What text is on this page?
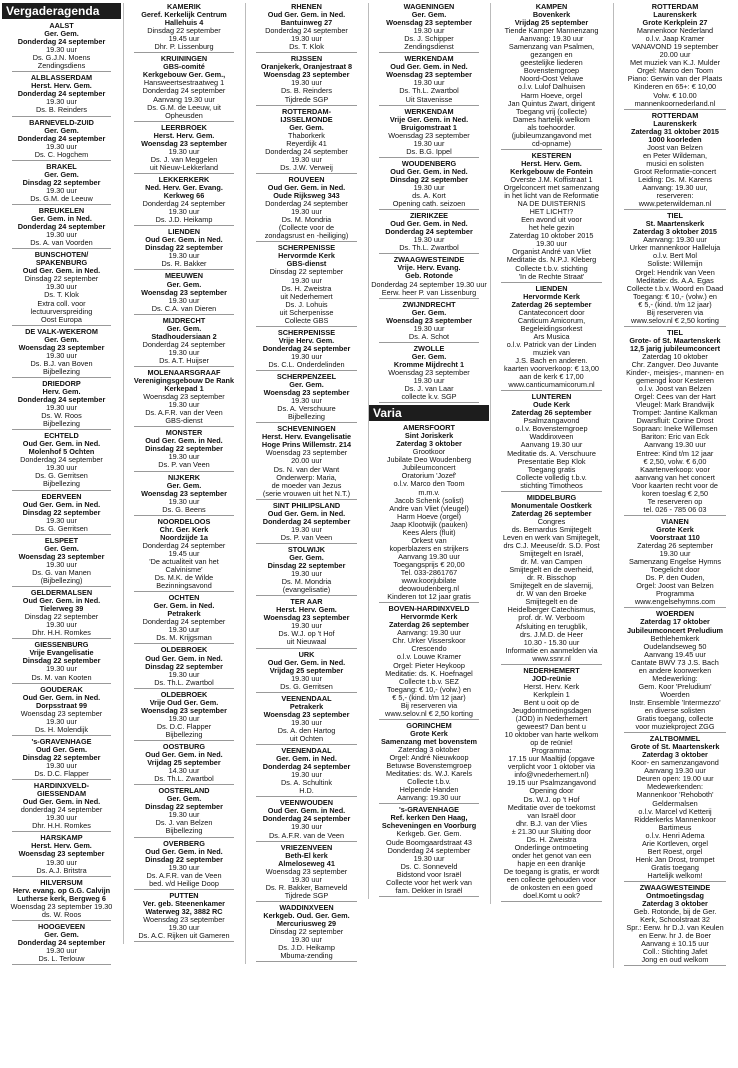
Vergaderagenda
AALST
Ger. Gem.
Donderdag 24 september
19.30 uur
Ds. G.J.N. Moens
Zendingsdiens
ALBLASSERDAM
Herst. Herv. Gem.
Donderdag 24 september
19.30 uur
Ds. B. Reinders
BARNEVELD-ZUID
Ger. Gem.
Donderdag 24 september
19.30 uur
Ds. C. Hogchem
BRAKEL
Ger. Gem.
Dinsdag 22 september
19.30 uur
Ds. G.M. de Leeuw
BREUKELEN
Ger. Gem. in Ned.
Donderdag 24 september
19.30 uur
Ds. A. van Voorden
BUNSCHOTEN/
SPAKENBURG
Oud Ger. Gem. in Ned.
Dinsdag 22 september
19.30 uur
Ds. T. Klok
Extra coll. voor
lectuurverspreiding
Oost Europa
DE VALK-WEKEROM
Ger. Gem.
Woensdag 23 september
19.30 uur
Ds. B.J. van Boven
Bijbellezing
DRIEDORP
Herv. Gem.
Donderdag 24 september
19.30 uur
Ds. W. Roos
Bijbellezing
ECHTELD
Oud Ger. Gem. in Ned.
Molenhof 5 Ochten
Donderdag 24 september
19.30 uur
Ds. G. Gerritsen
Bijbellezing
EDERVEEN
Oud Ger. Gem. in Ned.
Dinsdag 22 september
19.30 uur
Ds. G. Gerritsen
ELSPEET
Ger. Gem.
Woensdag 23 september
19.30 uur
Ds. G. van Manen
(Bijbellezing)
GELDERMALSEN
Oud Ger. Gem. in Ned.
Tielerweg 39
Dinsdag 22 september
19.30 uur
Dhr. H.H. Romkes
GIESSENBURG
Vrije Evangelisatie
Dinsdag 22 september
19.30 uur
Ds. M. van Kooten
GOUDERAK
Oud Ger. Gem. in Ned.
Dorpsstraat 99
Woensdag 23 september
19.30 uur
Ds. H. Molendijk
's-GRAVENHAGE
Oud Ger. Gem.
Dinsdag 22 september
19.30 uur
Ds. D.C. Flapper
HARDINXVELD-
GIESSENDAM
Oud Ger. Gem. in Ned.
donderdag 24 september
19.30 uur
Dhr. H.H. Romkes
HARSKAMP
Herst. Herv. Gem.
Woensdag 23 september
19.30 uur
Ds. A.J. Britstra
HILVERSUM
Herv. evang. op G.G. Calvijn
Lutherse kerk, Bergweg 6
Woensdag 23 september 19.30
ds. W. Roos
HOOGEVEEN
Ger. Gem.
Donderdag 24 september
19.30 uur
Ds. L. Terlouw
KAMERIK
Geref. Kerkelijk Centrum
Hallehuis 4
Dinsdag 22 september
19.45 uur
Dhr. P. Lissenburg
KRUININGEN
GBS-comité
Kerkgebouw Ger. Gem.,
Hansweertsestraatweg 1
Donderdag 24 september
Aanvang 19.30 uur
Ds. G.M. de Leeuw, uit
Opheusden
LEERBROEK
Herst. Herv. Gem.
Woensdag 23 september
19.30 uur
Ds. J. van Meggelen
uit Nieuw-Lekkerland
LEKKERKERK
Ned. Herv. Ger. Evang.
Kerkweg 66
Donderdag 24 september
19.30 uur
Ds. J.D. Heikamp
LIENDEN
Oud Ger. Gem. in Ned.
Dinsdag 22 september
19.30 uur
Ds. R. Bakker
MEEUWEN
Ger. Gem.
Woensdag 23 september
19.30 uur
Ds. C.A. van Dieren
MIJDRECHT
Ger. Gem.
Stadhoudersiaan 2
Donderdag 24 september
19.30 uur
Ds. A.T. Huijser
MOLENAARSGRAAF
Verenigingsgebouw De Rank
Kerkepad 1
Woensdag 23 september
19.30 uur
Ds. A.F.R. van der Veen
GBS-dienst
MONSTER
Oud Ger. Gem. in Ned.
Dinsdag 22 september
19.30 uur
Ds. P. van Veen
NIJKERK
Ger. Gem.
Woensdag 23 september
19.30 uur
Ds. G. Beens
NOORDELOOS
Chr. Ger. Kerk
Noordzijde 1a
Donderdag 24 september
19.45 uur
'De actualiteit van het
Calvinisme'
Ds. M.K. de Wilde
Bezinningsavond
OCHTEN
Ger. Gem. in Ned.
Petrakerk
Donderdag 24 september
19.30 uur
Ds. M. Krijgsman
OLDEBROEK
Oud Ger. Gem. in Ned.
Dinsdag 22 september
19.30 uur
Ds. Th.L. Zwartbol
OLDEBROEK
Vrije Oud Ger. Gem.
Woensdag 23 september
19.30 uur
Ds. D.C. Flapper
Bijbellezing
OOSTBURG
Oud Ger. Gem. in Ned.
Vrijdag 25 september
14.30 uur
Ds. Th.L. Zwartbol
OOSTERLAND
Ger. Gem.
Dinsdag 22 september
19.30 uur
Ds. J. van Belzen
Bijbellezing
OVERBERG
Oud Ger. Gem. in Ned.
Dinsdag 22 september
19.30 uur
Ds. A.F.R. van de Veen
bed. v/d Heilige Doop
PUTTEN
Ver. geb. Steenenkamer
Waterweg 32, 3882 RC
Woensdag 23 september
19.30 uur
Ds. A.C. Rijken uit Gameren
RHENEN
Oud Ger. Gem. in Ned.
Bantuinweg 27
Donderdag 24 september
19.30 uur
Ds. T. Klok
RIJSSEN
Oranjekerk, Oranjestraat 8
Woensdag 23 september
19.30 uur
Ds. B. Reinders
Tijdrede SGP
ROTTERDAM-
IJSSELMONDE
Ger. Gem.
Thaborkerk
Reyerdijk 41
Donderdag 24 september
19.30 uur
Ds. J.W. Verweij
ROUVEEN
Oud Ger. Gem. in Ned.
Oude Rijksweg 343
Donderdag 24 september
19.30 uur
Ds. M. Mondria
(Collecte voor de
zondagsrust en -heiliging)
SCHERPENISSE
Hervormde Kerk
GBS-dienst
Dinsdag 22 september
19.30 uur
Ds. H. Zweistra
uit Nederhemert
Ds. J. Lohuis
uit Scherpenisse
Collecte GBS
SCHERPENISSE
Vrije Herv. Gem.
Donderdag 24 september
19.30 uur
Ds. C.L. Onderdelinden
SCHERPENZEEL
Ger. Gem.
Woensdag 23 september
19.30 uur
Ds. A. Verschuure
Bijbellezing
SCHEVENINGEN
Herst. Herv. Evangelisatie
Hoge Prins Willemstr. 214
Woensdag 23 september
20.00 uur
Ds. N. van der Want
Onderwerp: Maria,
de moeder van Jezus
(serie vrouwen uit het N.T.)
SINT PHILIPSLAND
Oud Ger. Gem. in Ned.
Donderdag 24 september
19.30 uur
Ds. P. van Veen
STOLWIJK
Ger. Gem.
Dinsdag 22 september
19.30 uur
Ds. M. Mondria
(evangelisatie)
TER AAR
Herst. Herv. Gem.
Woensdag 23 september
19.30 uur
Ds. W.J. op 't Hof
uit Nieuwaal
URK
Oud Ger. Gem. in Ned.
Vrijdag 25 september
19.30 uur
Ds. G. Gerritsen
VEENENDAAL
Petrakerk
Woensdag 23 september
19.30 uur
Ds. A. den Hartog
uit Ochten
VEENENDAAL
Ger. Gem. in Ned.
Donderdag 24 september
19.30 uur
Ds. A. Schultink
H.D.
VEENWOUDEN
Oud Ger. Gem. in Ned.
Donderdag 24 september
19.30 uur
Ds. A.F.R. van de Veen
VRIEZENVEEN
Beth-El kerk
Almeloseweg 41
Woensdag 23 september
19.30 uur
Ds. R. Bakker, Barneveld
Tijdrede SGP
WADDINXVEEN
Kerkgeb. Oud. Ger. Gem.
Mercuriusweg 29
Dinsdag 22 september
19.30 uur
Ds. J.D. Heikamp
Mbuma-zending
WAGENINGEN
Ger. Gem.
Woensdag 23 september
19.30 uur
Ds. J. Schipper
Zendingsdienst
WERKENDAM
Oud Ger. Gem. in Ned.
Woensdag 23 september
19.30 uur
Ds. Th.L. Zwartbol
Uit Stavenisse
WERKENDAM
Vrije Ger. Gem. in Ned.
Bruigomstraat 1
Woensdag 23 september
19.30 uur
Ds. B.G. Ippel
WOUDENBERG
Oud Ger. Gem. in Ned.
Dinsdag 22 september
19.30 uur
ds. A. Kort
Opening cath. seizoen
ZIERIKZEE
Oud Ger. Gem. in Ned.
Donderdag 24 september
19.30 uur
Ds. Th.L. Zwartbol
ZWAAGWESTEINDE
Vrije. Herv. Evang.
Geb. Rotonde
Donderdag 24 september 19.30 uur
Eerw. heer P. van Lissenburg
ZWIJNDRECHT
Ger. Gem.
Woensdag 23 september
19.30 uur
Ds. A. Schot
ZWOLLE
Ger. Gem.
Kromme Mijdrecht 1
Woensdag 23 september
19.30 uur
Ds. J. van Laar
collecte k.v. SGP
Varia
AMERSFOORT
Sint Joriskerk
Zaterdag 3 oktober
Grootkoor
Jubilate Deo Woudenberg
Jubileumconcert
Oratorium 'Jozef'
o.l.v. Marco den Toom
m.m.v.
Jacob Schenk (solist)
Andre van Vliet (vleugel)
Harm Hoeve (orgel)
Jaap Klootwijk (pauken)
Kees Alers (fluit)
Orkest van
koperblazers en strijkers
Aanvang 19.30 uur
Toegangsprijs € 20,00
Tel. 033-2861767
www.koorjubilate
deowoudenberg.nl
Kinderen tot 12 jaar gratis
BOVEN-HARDINXVELD
Hervormde Kerk
Zaterdag 26 september
Aanvang: 19.30 uur
Chr. Urker Visserskoor
Crescendo
o.l.v. Louwe Kramer
Orgel: Pieter Heykoop
Meditatie: ds. K. Hoefnagel
Collecte t.b.v. SEZ
Toegang: € 10,- (volw.) en
€ 5,- (kind. t/m 12 jaar)
Bij reserveren via
www.selov.nl € 2,50 korting
GORINCHEM
Grote Kerk
Samenzang met bovenstem
Zaterdag 3 oktober
Orgel: André Nieuwkoop
Betuwse Bovenstemgroep
Meditaties: ds. W.J. Karels
Collecte t.b.v.
Helpende Handen
Aanvang: 19.30 uur
's-GRAVENHAGE
Ref. kerken Den Haag,
Scheveningen en Voorburg
Kerkgeb. Ger. Gem.
Oude Boomgaardstraat 43
Donderdag 24 september
19.30 uur
Ds. C. Sonneveld
Bidstond voor Israël
Collecte voor het werk van
fam. Dekker in Israël
KAMPEN
Bovenkerk
Vrijdag 25 september
Tiende Kamper Mannenzang
Aanvang: 19.30 uur
Samenzang van Psalmen,
gezangen en
geestelijke liederen
Bovenstemgroep
Noord-Oost Veluwe
o.l.v. Lulof Dalhuisen
Harm Hoeve, orgel
Jan Quintus Zwart, dirigent
Toegang vrij (collecte)
Dames hartelijk welkom
als toehoorder.
(jubileumzangavond met
cd-opname)
KESTEREN
Herst. Herv. Gem.
Kerkgebouw de Fontein
Overste J.M. Koffistraat 1
Orgelconcert met samenzang
in het licht van de Reformatie
NA DE DUISTERNIS
HET LICHT!?
Een avond uit voor
het hele gezin
Zaterdag 10 oktober 2015
19.30 uur
Organist André van Vliet
Meditatie ds. N.P.J. Kleberg
Collecte t.b.v. stichting
'In de Rechte Straat'
LIENDEN
Hervormde Kerk
Zaterdag 26 september
Cantateconcert door
Canticum Amicorum,
Begeleidingsorkest
Ars Musica
o.l.v. Patrick van der Linden
muziek van
J.S. Bach en anderen.
kaarten voorverkoop: € 13,00
aan de kerk € 17,00
www.canticumamicorum.nl
LUNTEREN
Oude Kerk
Zaterdag 26 september
Psalmzangavond
o.l.v. Bovenstemgroep
Waddinxveen
Aanvang 19.30 uur
Meditatie ds. A. Verschuure
Presentatie Bep Klok
Toegang gratis
Collecte volledig t.b.v.
stichting Timotheos
MIDDELBURG
Monumentale Oostkerk
Zaterdag 26 september
Congres
ds. Bernardus Smijtegelt
Leven en werk van Smijtegelt,
drs C.J. Meeuse/dr. S.D. Post
Smijtegelt en Israël,
dr. M. van Campen
Smijtegelt en de overheid,
dr. R. Bisschop
Smijtegelt en de slavernij,
dr. W van den Broeke
Smijtegelt en de
Heidelberger Catechismus,
prof. dr. W. Verboom
Afsluiting en terugblik,
drs. J.M.D. de Heer
10.30 - 15.30 uur
Informatie en aanmelden via
www.ssnr.nl
NEDERHEMERT
JOD-reünie
Herst. Herv. Kerk
Kerkplein 1
Bent u ooit op de
Jeugdontmoetingsdagen
(JOD) in Nederhemert
geweest? Dan bent u
10 oktober van harte welkom
op de reünie!
Programma:
17.15 uur Maaltijd (opgave
verplicht voor 1 oktober via
info@vnederhemert.nl)
19.15 uur Psalmzangavond
Opening door
Ds. W.J. op 't Hof
Meditatie over de toekomst
van Israël door
dhr. B.J. van der Vlies
± 21.30 uur Sluiting door
Ds. H. Zweistra
Onderlinge ontmoeting
onder het genot van een
hapje en een drankje
De toegang is gratis, er wordt
een collecte gehouden voor
de onkosten en een goed
doel.Komt u ook?
ROTTERDAM
Laurenskerk
Grote Kerkplein 27
Mannenkoor Nederland
o.l.v. Jaap Kramer
VANAVOND 19 september
20.00 uur
Met muziek van K.J. Mulder
Orgel: Marco den Toom
Piano: Gerwin van der Plaats
Kinderen en 65+: € 10,00
Volw. € 10.00
mannenkoornederland.nl
ROTTERDAM
Laurenskerk
Zaterdag 31 oktober 2015
1000 koorleden
Joost van Belzen
en Peter Wildeman,
musici en solisten
Groot Reformatie-concert
Leiding: Ds. M. Karens
Aanvang: 19.30 uur,
reserveren:
www.peterwildeman.nl
TIEL
St. Maartenskerk
Zaterdag 3 oktober 2015
Aanvang: 19.30 uur
Urker mannenkoor Halleluja
o.l.v. Bert Mol
Soliste: Willemijn
Orgel: Hendrik van Veen
Meditatie: ds. A.A. Egas
Collecte t.b.v. Woord en Daad
Toegang: € 10,- (volw.) en
€ 5,- (kind. t/m 12 jaar)
Bij reserveren via
www.selov.nl € 2,50 korting
TIEL
Grote- of St. Maartenskerk
12,5 jarig jubileumconcert
Zaterdag 10 oktober
Chr. Zangver. Deo Juvante
Kinder-, meisjes-, mannen- en
gemengd koor Kesteren
o.l.v. Joost van Belzen
Orgel: Cees van der Hart
Vleugel: Mark Brandwijk
Trompet: Jantine Kalkman
Dwarsfluit: Corine Drost
Sopraan: Ineke Willemsen
Bariton: Eric van Eck
Aanvang 19.30 uur
Entree: Kind t/m 12 jaar
€ 2,50, volw. € 6,00
Kaartenverkoop: voor
aanvang van het concert
Voor kaarten recht voor de
koren toeslag € 2,50
Te reserveren op
tel. 026 - 785 06 03
VIANEN
Grote Kerk
Voorstraat 110
Zaterdag 26 september
19.30 uur
Samenzang Engelse Hymns
Toegelicht door
Ds. P. den Ouden,
Orgel: Joost van Belzen
Programma
www.engelsehymns.com
WOERDEN
Zaterdag 17 oktober
Jubileumconcert Preludium
Bethlehemkerk
Oudelandseweg 50
Aanvang 19.45 uur
Cantate BWV 73 J.S. Bach
en andere koorwerken
Medewerking:
Gem. Koor 'Preludium'
Woerden
Instr. Ensemble 'Intermezzo'
en diverse solisten
Gratis toegang, collecte
voor muziekproject ZGG
ZALTBOMMEL
Grote of St. Maartenskerk
Zaterdag 3 oktober
Koor- en samenzangavond
Aanvang 19.30 uur
Deuren open: 19.00 uur
Medewerkenden:
Mannenkoor 'Rehoboth'
Geldermalsen
o.l.v. Marcel vd Ketterij
Ridderkerks Mannenkoor
Bartimeus
o.l.v. Henri Adema
Arie Kortleven, orgel
Bert Roest, orgel
Henk Jan Drost, trompet
Gratis toegang
Hartelijk welkom!
ZWAAGWESTEINDE
Ontmoetingsdag
Zaterdag 3 oktober
Geb. Rotonde, bij de Ger.
Kerk, Schoolstraat 32
Spr.: Eerw. hr D.J. van Keulen
en Eerw. hr J. de Boer
Aanvang ± 10.15 uur
Coll.: Stichting Jafet
Jong en oud welkom
